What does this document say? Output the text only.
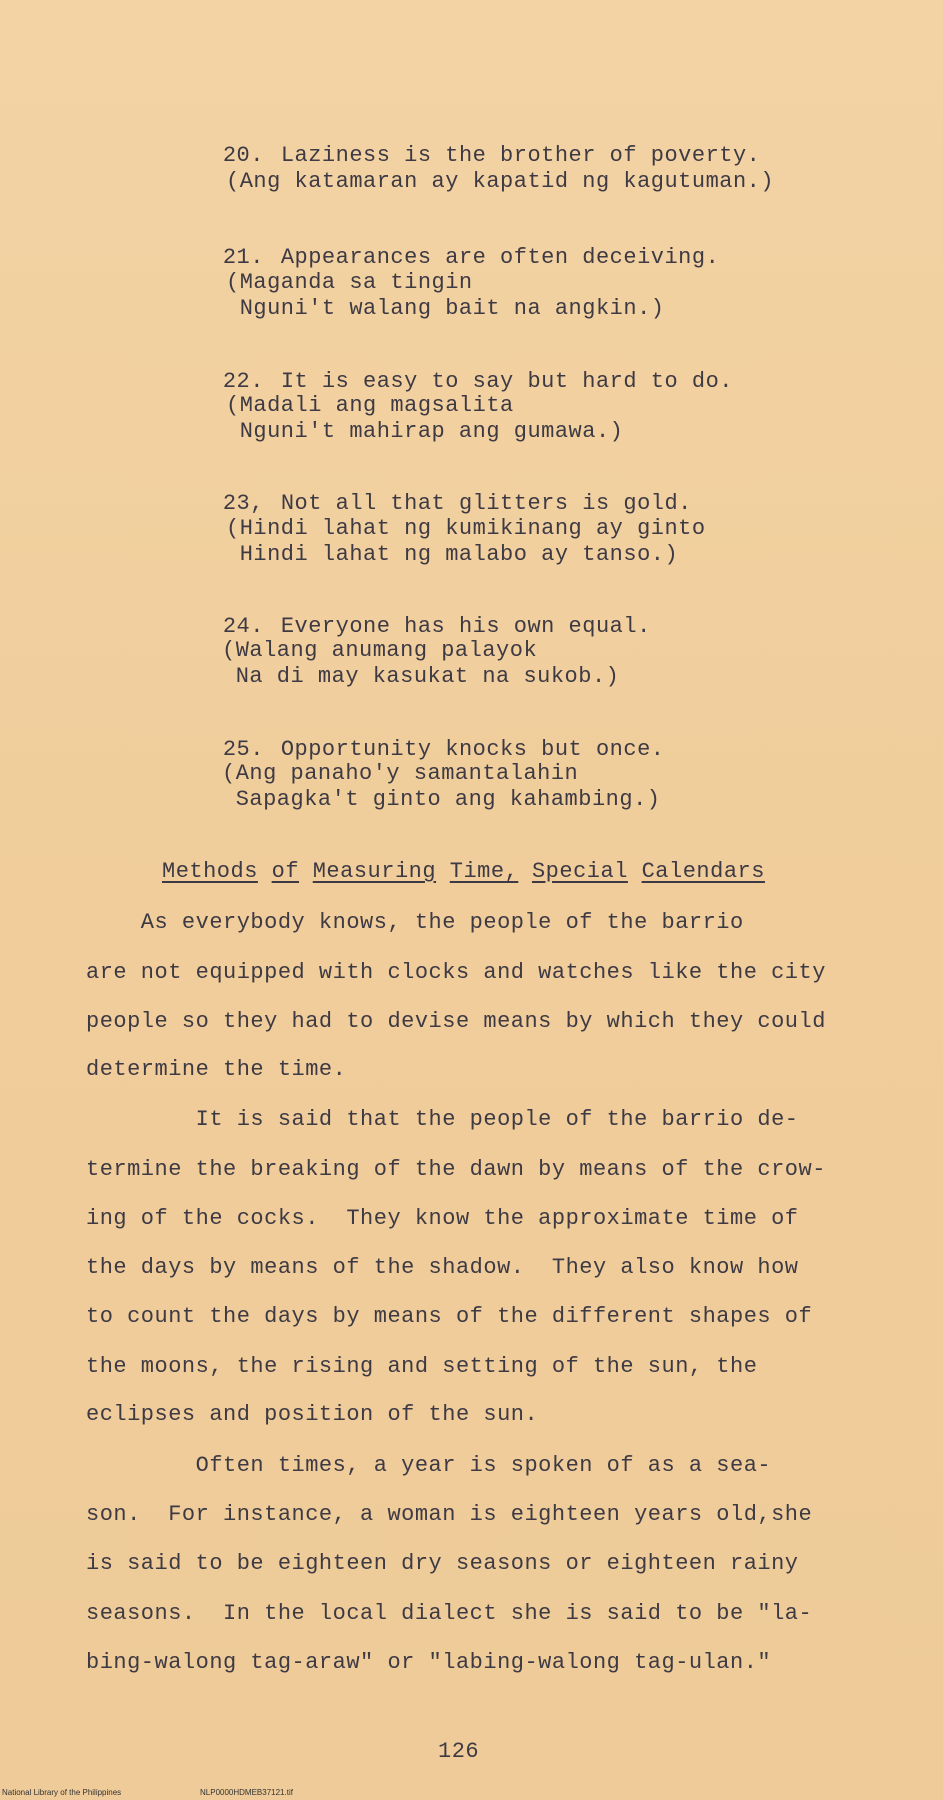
20. Laziness is the brother of poverty.

(Ang katamaran ay kapatid ng kagutuman.)

21. Appearances are often deceiving.

(Maganda sa tingin
Nguni't walang bait na angkin.)

22. It is easy to say but hard to do.

(Madali ang magsalita
Nguni't mahirap ang gumawa.)

23, Not all that glitters is gold.

(Hindi lahat ng kumikinang ay ginto
Hindi lahat ng malabo ay tanso.)

24. Everyone has his own equal.

(Walang anumang palayok
Na di may kasukat na sukob.)

25. Opportunity knocks but once.

(Ang panaho'y samantalahin
Sapagka't ginto ang kahambing.)
Methods of Measuring Time, Special Calendars
As everybody knows, the people of the barrio
are not equipped with clocks and watches like the city
people so they had to devise means by which they could
determine the time.
It is said that the people of the barrio de-
termine the breaking of the dawn by means of the crow-
ing of the cocks.  They know the approximate time of
the days by means of the shadow.  They also know how
to count the days by means of the different shapes of
the moons, the rising and setting of the sun, the
eclipses and position of the sun.
Often times, a year is spoken of as a sea-
son.  For instance, a woman is eighteen years old,she
is said to be eighteen dry seasons or eighteen rainy
seasons.  In the local dialect she is said to be "la-
bing-walong tag-araw" or "labing-walong tag-ulan."
126
National Library of the Philippines	NLP0000HDMEB37121.tif
